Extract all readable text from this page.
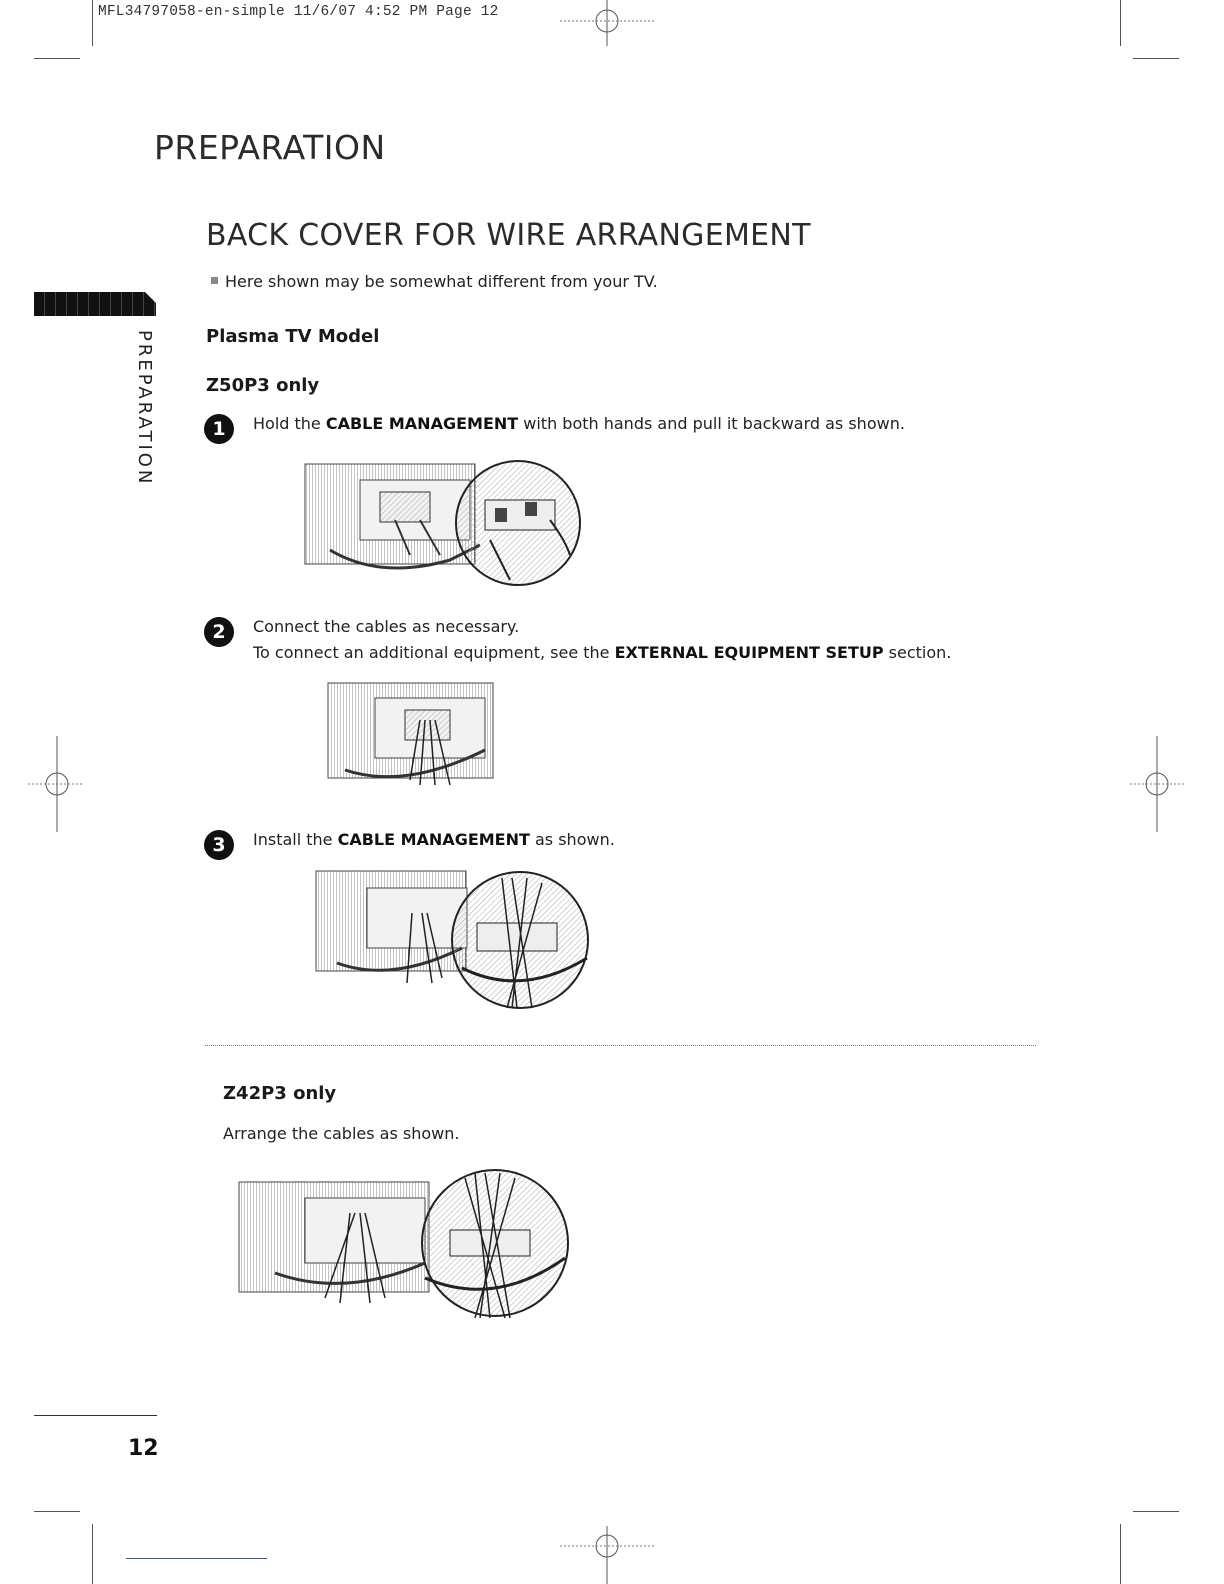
MFL34797058-en-simple 11/6/07 4:52 PM Page 12
PREPARATION
BACK COVER FOR WIRE ARRANGEMENT
Here shown may be somewhat different from your TV.
PREPARATION	Plasma TV Model
Z50P3 only
1	Hold the CABLE MANAGEMENT with both hands and pull it backward as shown.
2	Connect the cables as necessary.
To connect an additional equipment, see the EXTERNAL EQUIPMENT SETUP section.
3	Install the CABLE MANAGEMENT as shown.
Z42P3 only
Arrange the cables as shown.
12
